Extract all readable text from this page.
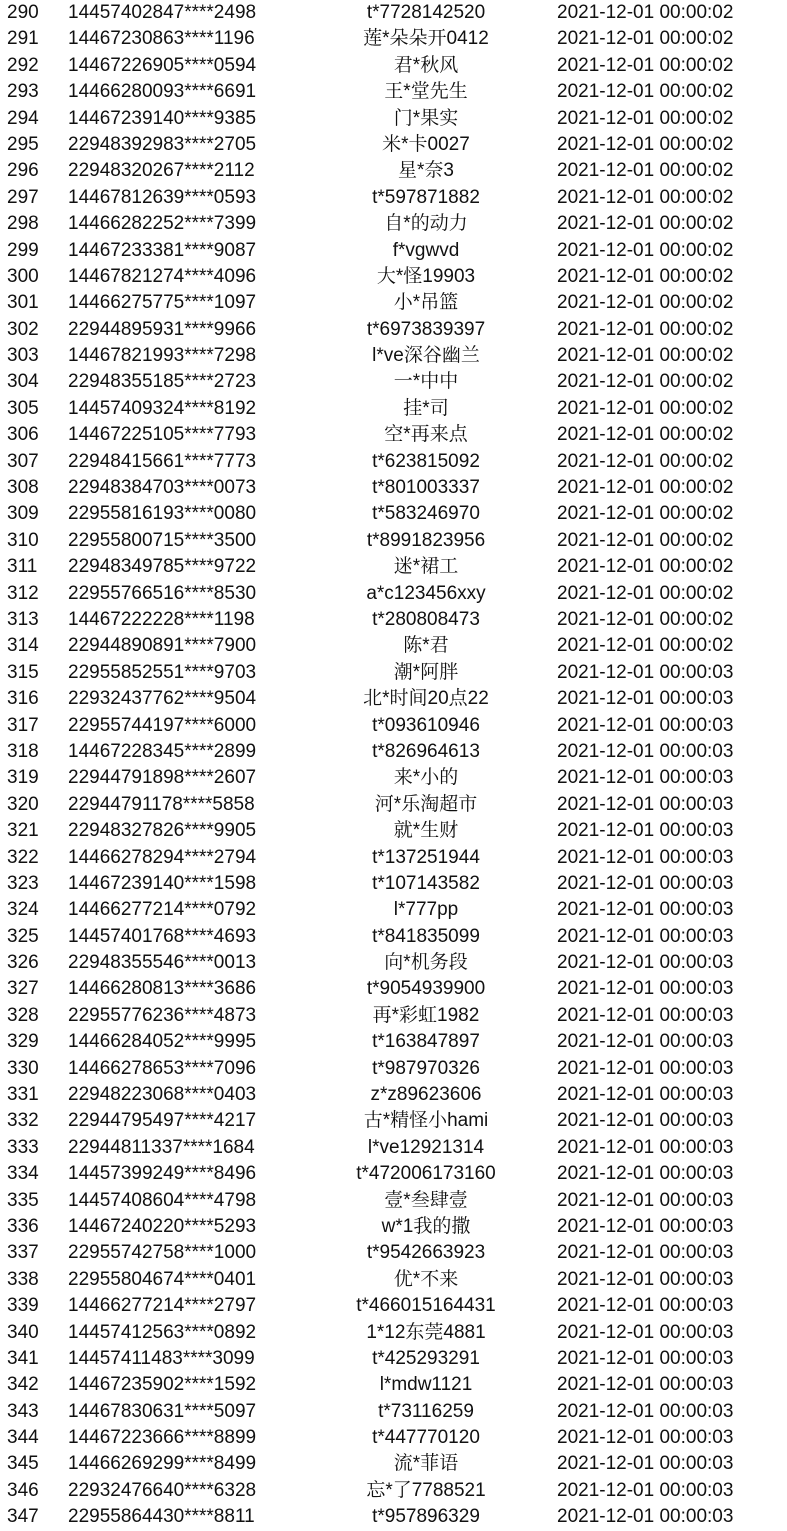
290	14457402847****2498	t*7728142520	2021-12-01 00:00:02
291	14467230863****1196	莲*朵朵开0412	2021-12-01 00:00:02
292	14467226905****0594	君*秋风	2021-12-01 00:00:02
293	14466280093****6691	王*堂先生	2021-12-01 00:00:02
294	14467239140****9385	门*果实	2021-12-01 00:00:02
295	22948392983****2705	米*卡0027	2021-12-01 00:00:02
296	22948320267****2112	星*奈3	2021-12-01 00:00:02
297	14467812639****0593	t*597871882	2021-12-01 00:00:02
298	14466282252****7399	自*的动力	2021-12-01 00:00:02
299	14467233381****9087	f*vgwvd	2021-12-01 00:00:02
300	14467821274****4096	大*怪19903	2021-12-01 00:00:02
301	14466275775****1097	小*吊篮	2021-12-01 00:00:02
302	22944895931****9966	t*6973839397	2021-12-01 00:00:02
303	14467821993****7298	l*ve深谷幽兰	2021-12-01 00:00:02
304	22948355185****2723	一*中中	2021-12-01 00:00:02
305	14457409324****8192	挂*司	2021-12-01 00:00:02
306	14467225105****7793	空*再来点	2021-12-01 00:00:02
307	22948415661****7773	t*623815092	2021-12-01 00:00:02
308	22948384703****0073	t*801003337	2021-12-01 00:00:02
309	22955816193****0080	t*583246970	2021-12-01 00:00:02
310	22955800715****3500	t*8991823956	2021-12-01 00:00:02
311	22948349785****9722	迷*裙工	2021-12-01 00:00:02
312	22955766516****8530	a*c123456xxy	2021-12-01 00:00:02
313	14467222228****1198	t*280808473	2021-12-01 00:00:02
314	22944890891****7900	陈*君	2021-12-01 00:00:02
315	22955852551****9703	潮*阿胖	2021-12-01 00:00:03
316	22932437762****9504	北*时间20点22	2021-12-01 00:00:03
317	22955744197****6000	t*093610946	2021-12-01 00:00:03
318	14467228345****2899	t*826964613	2021-12-01 00:00:03
319	22944791898****2607	来*小的	2021-12-01 00:00:03
320	22944791178****5858	河*乐淘超市	2021-12-01 00:00:03
321	22948327826****9905	就*生财	2021-12-01 00:00:03
322	14466278294****2794	t*137251944	2021-12-01 00:00:03
323	14467239140****1598	t*107143582	2021-12-01 00:00:03
324	14466277214****0792	l*777pp	2021-12-01 00:00:03
325	14457401768****4693	t*841835099	2021-12-01 00:00:03
326	22948355546****0013	向*机务段	2021-12-01 00:00:03
327	14466280813****3686	t*9054939900	2021-12-01 00:00:03
328	22955776236****4873	再*彩虹1982	2021-12-01 00:00:03
329	14466284052****9995	t*163847897	2021-12-01 00:00:03
330	14466278653****7096	t*987970326	2021-12-01 00:00:03
331	22948223068****0403	z*z89623606	2021-12-01 00:00:03
332	22944795497****4217	古*精怪小hami	2021-12-01 00:00:03
333	22944811337****1684	l*ve12921314	2021-12-01 00:00:03
334	14457399249****8496	t*472006173160	2021-12-01 00:00:03
335	14457408604****4798	壹*叁肆壹	2021-12-01 00:00:03
336	14467240220****5293	w*1我的撒	2021-12-01 00:00:03
337	22955742758****1000	t*9542663923	2021-12-01 00:00:03
338	22955804674****0401	优*不来	2021-12-01 00:00:03
339	14466277214****2797	t*466015164431	2021-12-01 00:00:03
340	14457412563****0892	1*12东莞4881	2021-12-01 00:00:03
341	14457411483****3099	t*425293291	2021-12-01 00:00:03
342	14467235902****1592	l*mdw1121	2021-12-01 00:00:03
343	14467830631****5097	t*73116259	2021-12-01 00:00:03
344	14467223666****8899	t*447770120	2021-12-01 00:00:03
345	14466269299****8499	流*菲语	2021-12-01 00:00:03
346	22932476640****6328	忘*了7788521	2021-12-01 00:00:03
347	22955864430****8811	t*957896329	2021-12-01 00:00:03
